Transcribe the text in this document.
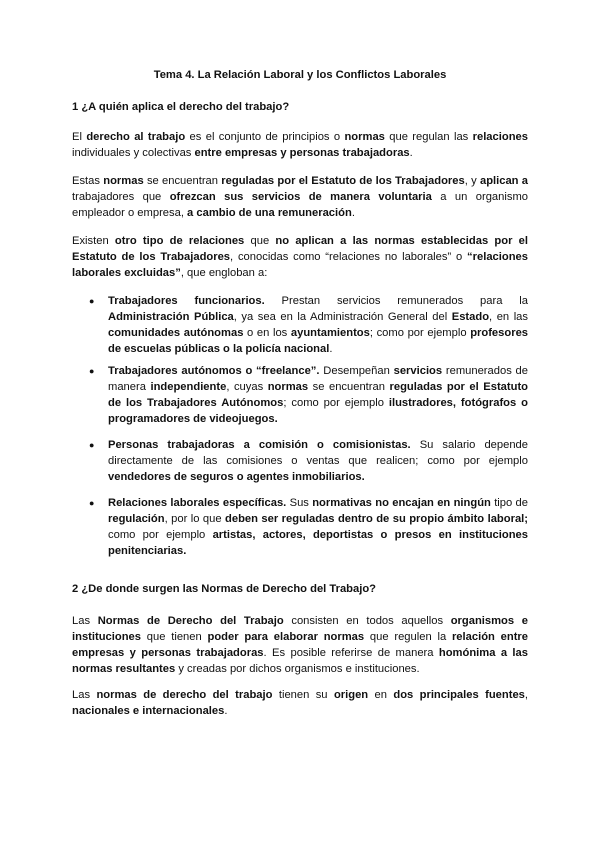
Tema 4. La Relación Laboral y los Conflictos Laborales
1 ¿A quién aplica el derecho del trabajo?

El derecho al trabajo es el conjunto de principios o normas que regulan las relaciones individuales y colectivas entre empresas y personas trabajadoras.

Estas normas se encuentran reguladas por el Estatuto de los Trabajadores, y aplican a trabajadores que ofrezcan sus servicios de manera voluntaria a un organismo empleador o empresa, a cambio de una remuneración.

Existen otro tipo de relaciones que no aplican a las normas establecidas por el Estatuto de los Trabajadores, conocidas como “relaciones no laborales” o “relaciones laborales excluidas”, que engloban a:

● Trabajadores funcionarios. Prestan servicios remunerados para la Administración Pública, ya sea en la Administración General del Estado, en las comunidades autónomas o en los ayuntamientos; como por ejemplo profesores de escuelas públicas o la policía nacional.

● Trabajadores autónomos o “freelance”. Desempeñan servicios remunerados de manera independiente, cuyas normas se encuentran reguladas por el Estatuto de los Trabajadores Autónomos; como por ejemplo ilustradores, fotógrafos o programadores de videojuegos.

● Personas trabajadoras a comisión o comisionistas. Su salario depende directamente de las comisiones o ventas que realicen; como por ejemplo vendedores de seguros o agentes inmobiliarios.

● Relaciones laborales específicas. Sus normativas no encajan en ningún tipo de regulación, por lo que deben ser reguladas dentro de su propio ámbito laboral; como por ejemplo artistas, actores, deportistas o presos en instituciones penitenciarias.

2 ¿De donde surgen las Normas de Derecho del Trabajo?

Las Normas de Derecho del Trabajo consisten en todos aquellos organismos e instituciones que tienen poder para elaborar normas que regulen la relación entre empresas y personas trabajadoras. Es posible referirse de manera homónima a las normas resultantes y creadas por dichos organismos e instituciones.

Las normas de derecho del trabajo tienen su origen en dos principales fuentes, nacionales e internacionales.
